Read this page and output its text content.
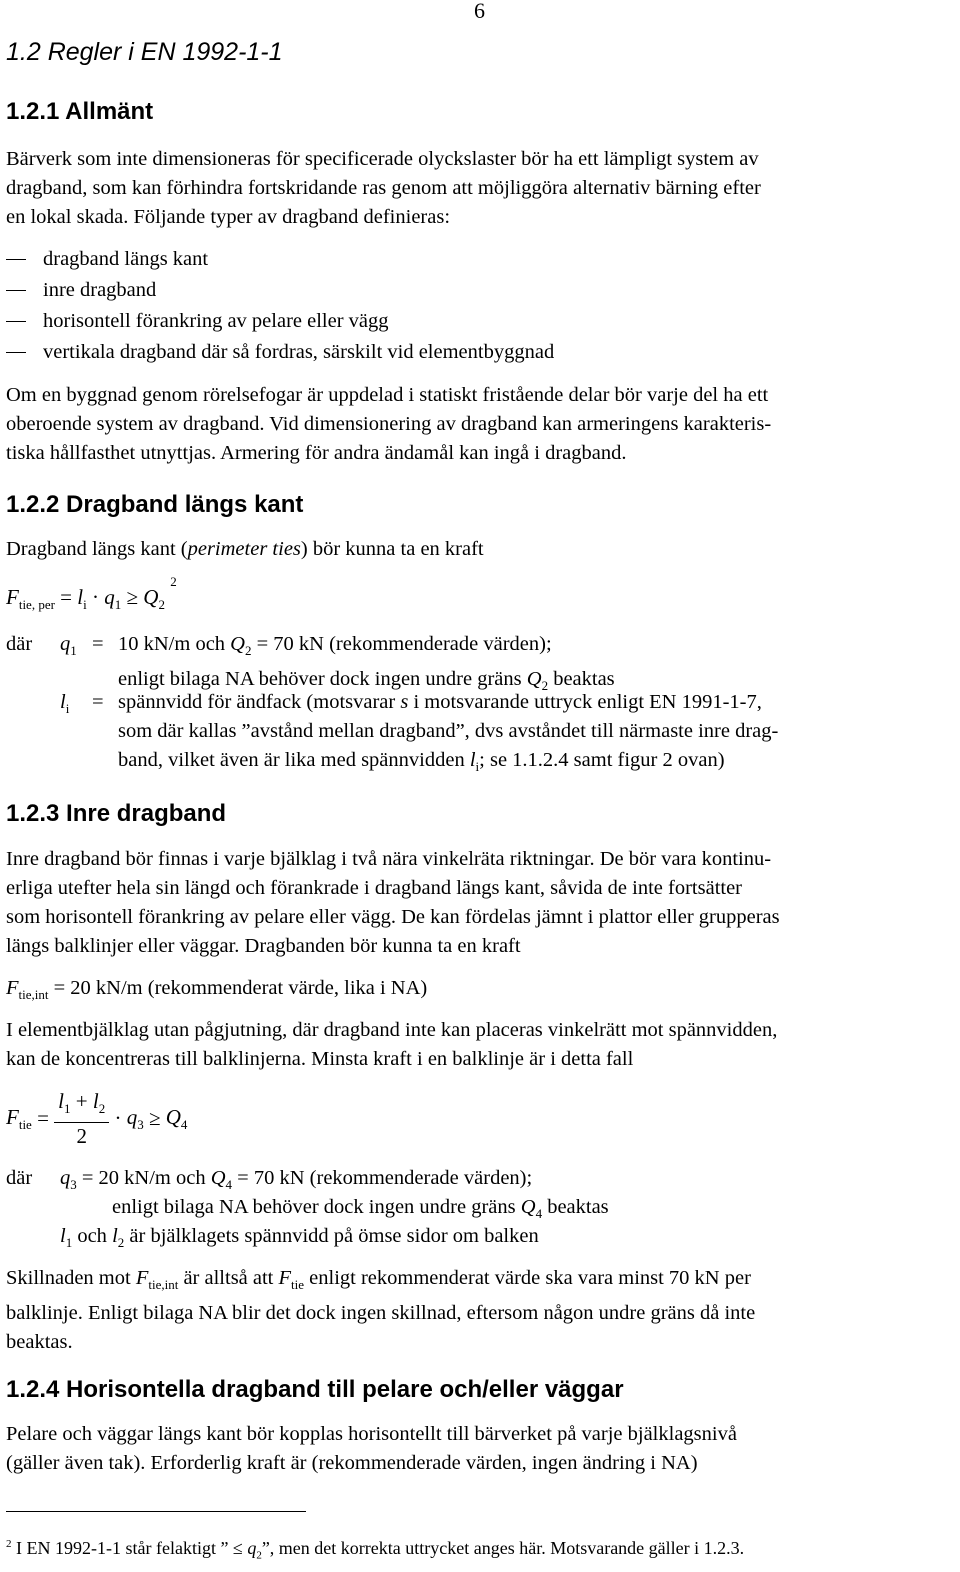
6
1.2 Regler i EN 1992-1-1
1.2.1 Allmänt
Bärverk som inte dimensioneras för specificerade olyckslaster bör ha ett lämpligt system av
dragband, som kan förhindra fortskridande ras genom att möjliggöra alternativ bärning efter
en lokal skada. Följande typer av dragband definieras:
dragband längs kant
inre dragband
horisontell förankring av pelare eller vägg
vertikala dragband där så fordras, särskilt vid elementbyggnad
Om en byggnad genom rörelsefogar är uppdelad i statiskt fristående delar bör varje del ha ett
oberoende system av dragband. Vid dimensionering av dragband kan armeringens karakteris-
tiska hållfasthet utnyttjas. Armering för andra ändamål kan ingå i dragband.
1.2.2 Dragband längs kant
Dragband längs kant (perimeter ties) bör kunna ta en kraft
$F_{tie, per} = l_i \cdot q_1 \ge Q_2$ $^2$
där $q_1 = 10$ kN/m och $Q_2 = 70$ kN (rekommenderade värden);
enligt bilaga NA behöver dock ingen undre gräns $Q_2$ beaktas
$l_i$ = spännvidd för ändfack (motsvarar s i motsvarande uttryck enligt EN 1991-1-7,
som där kallas ”avstånd mellan dragband”, dvs avståndet till närmaste inre drag-
band, vilket även är lika med spännvidden $l_i$; se 1.1.2.4 samt figur 2 ovan)
1.2.3 Inre dragband
Inre dragband bör finnas i varje bjälklag i två nära vinkelräta riktningar. De bör vara kontinu-
erliga utefter hela sin längd och förankrade i dragband längs kant, såvida de inte fortsätter
som horisontell förankring av pelare eller vägg. De kan fördelas jämnt i plattor eller grupperas
längs balklinjer eller väggar. Dragbanden bör kunna ta en kraft
$F_{tie,int} = 20$ kN/m (rekommenderat värde, lika i NA)
I elementbjälklag utan pågjutning, där dragband inte kan placeras vinkelrätt mot spännvidden,
kan de koncentreras till balklinjerna. Minsta kraft i en balklinje är i detta fall
$F_{tie} = \frac{l_1 + l_2}{2} \cdot q_3 \ge Q_4$
där $q_3 = 20$ kN/m och $Q_4 = 70$ kN (rekommenderade värden);
enligt bilaga NA behöver dock ingen undre gräns $Q_4$ beaktas
$l_1$ och $l_2$ är bjälklagets spännvidd på ömse sidor om balken
Skillnaden mot $F_{tie,int}$ är alltså att $F_{tie}$ enligt rekommenderat värde ska vara minst 70 kN per
balklinje. Enligt bilaga NA blir det dock ingen skillnad, eftersom någon undre gräns då inte
beaktas.
1.2.4 Horisontella dragband till pelare och/eller väggar
Pelare och väggar längs kant bör kopplas horisontellt till bärverket på varje bjälklagsnivå
(gäller även tak). Erforderlig kraft är (rekommenderade värden, ingen ändring i NA)
$^2$ I EN 1992-1-1 står felaktigt ” ≤ $q_2$”, men det korrekta uttrycket anges här. Motsvarande gäller i 1.2.3.
